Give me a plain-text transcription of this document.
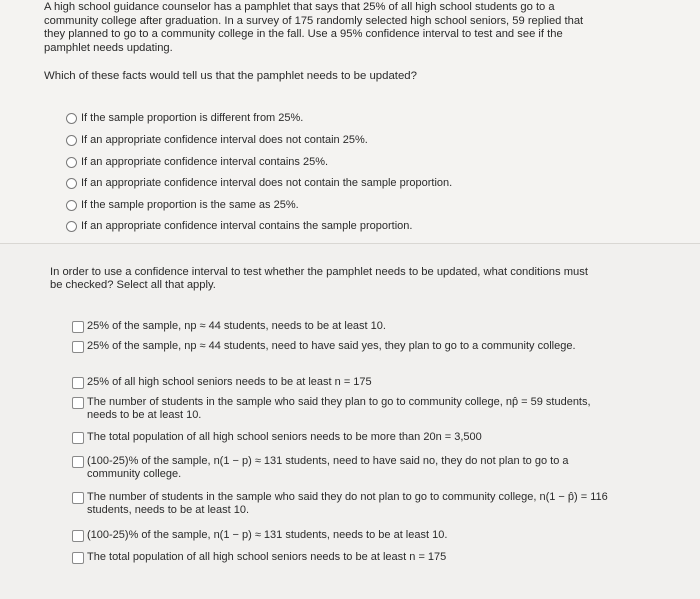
A high school guidance counselor has a pamphlet that says that 25% of all high school students go to a community college after graduation. In a survey of 175 randomly selected high school seniors, 59 replied that they planned to go to a community college in the fall. Use a 95% confidence interval to test and see if the pamphlet needs updating.
Which of these facts would tell us that the pamphlet needs to be updated?
If the sample proportion is different from 25%.
If an appropriate confidence interval does not contain 25%.
If an appropriate confidence interval contains 25%.
If an appropriate confidence interval does not contain the sample proportion.
If the sample proportion is the same as 25%.
If an appropriate confidence interval contains the sample proportion.
In order to use a confidence interval to test whether the pamphlet needs to be updated, what conditions must be checked? Select all that apply.
25% of the sample, np ≈ 44 students, needs to be at least 10.
25% of the sample, np ≈ 44 students, need to have said yes, they plan to go to a community college.
25% of all high school seniors needs to be at least n = 175
The number of students in the sample who said they plan to go to community college, np̂ = 59 students, needs to be at least 10.
The total population of all high school seniors needs to be more than 20n = 3,500
(100-25)% of the sample, n(1 − p) ≈ 131 students, need to have said no, they do not plan to go to a community college.
The number of students in the sample who said they do not plan to go to community college, n(1 − p̂) = 116 students, needs to be at least 10.
(100-25)% of the sample, n(1 − p) ≈ 131 students, needs to be at least 10.
The total population of all high school seniors needs to be at least n = 175
